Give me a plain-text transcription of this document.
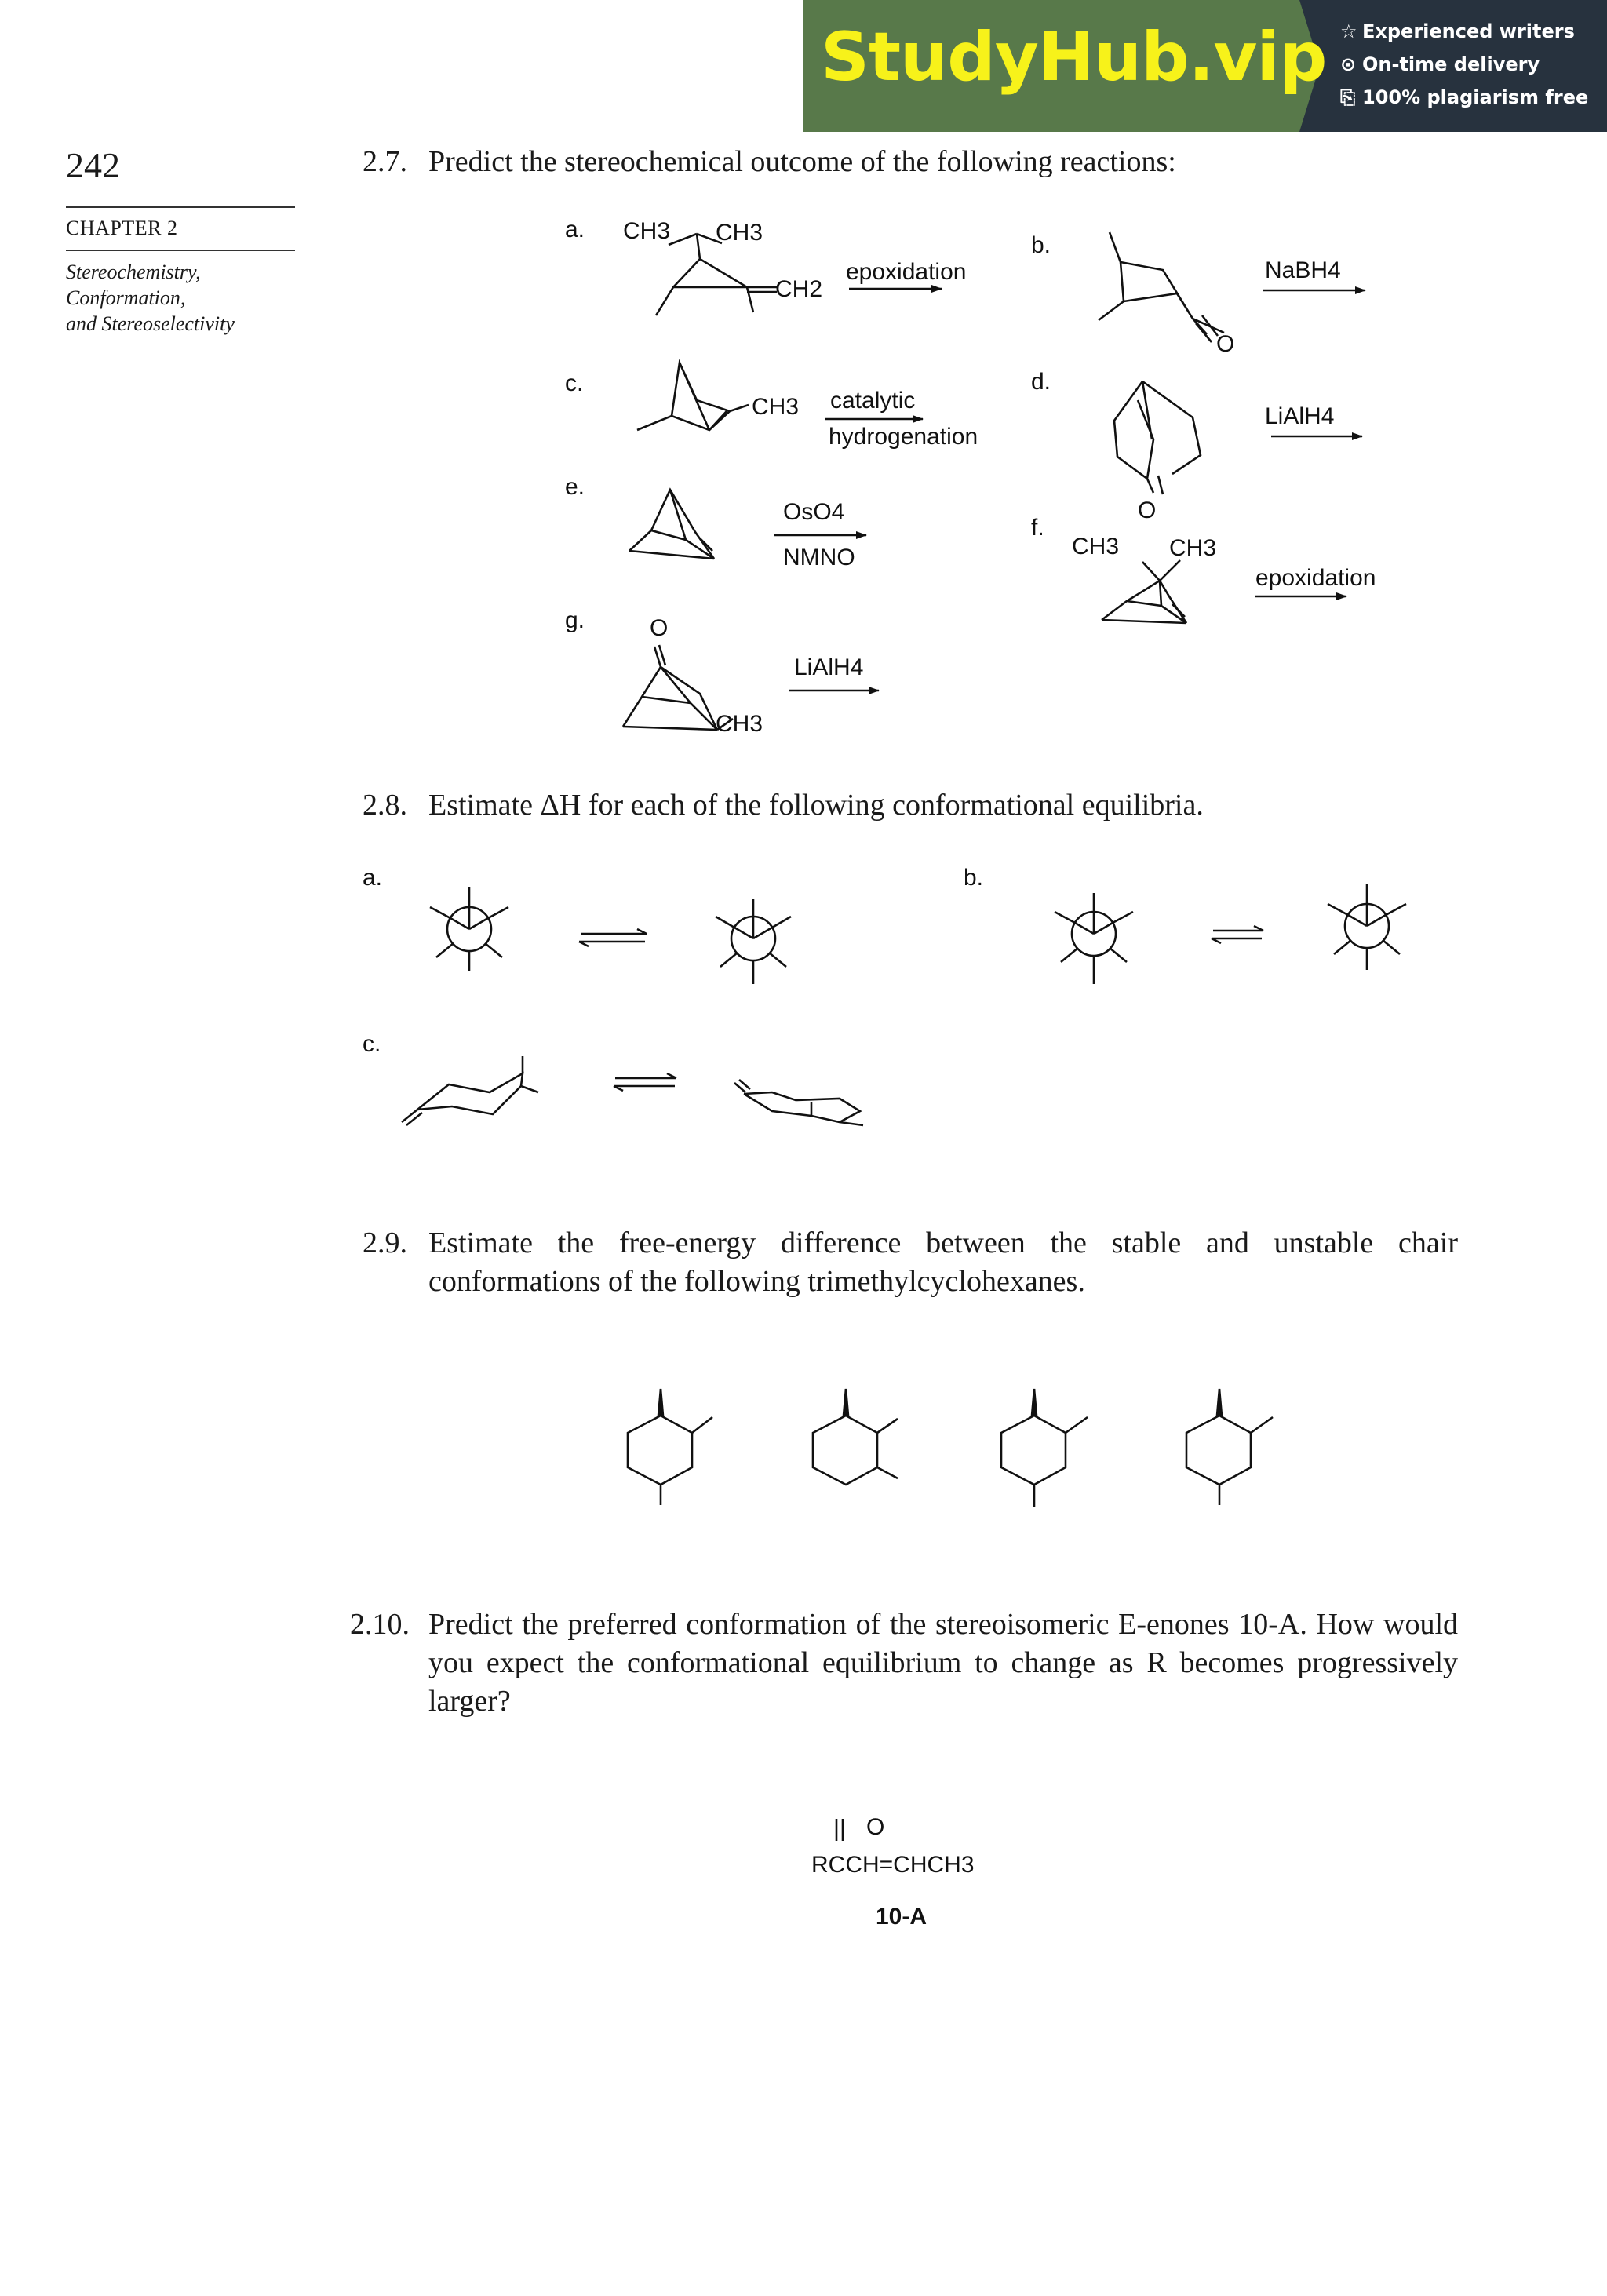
StudyHub.vip ☆ Experienced writers
⊙ On-time delivery
⎘ 100% plagiarism free
242
CHAPTER 2
Stereochemistry,
Conformation,
and Stereoselectivity
2.7. Predict the stereochemical outcome of the following reactions:
a. CH3 CH3
CH2
epoxidation
b.
O
NaBH4
c.
CH3 catalytic
hydrogenation
d.
O
LiAlH4
e.
OsO4
NMNO
f.
CH3 CH3
epoxidation
g.	O
CH3
LiAlH4
a.	b.
c.
O
RCCH=CHCH3
10-A
2.8. Estimate ΔH for each of the following conformational equilibria.
2.9. Estimate the free-energy difference between the stable and unstable chair conformations of the following trimethylcyclohexanes.
2.10. Predict the preferred conformation of the stereoisomeric E-enones 10-A. How would you expect the conformational equilibrium to change as R becomes progressively larger?
